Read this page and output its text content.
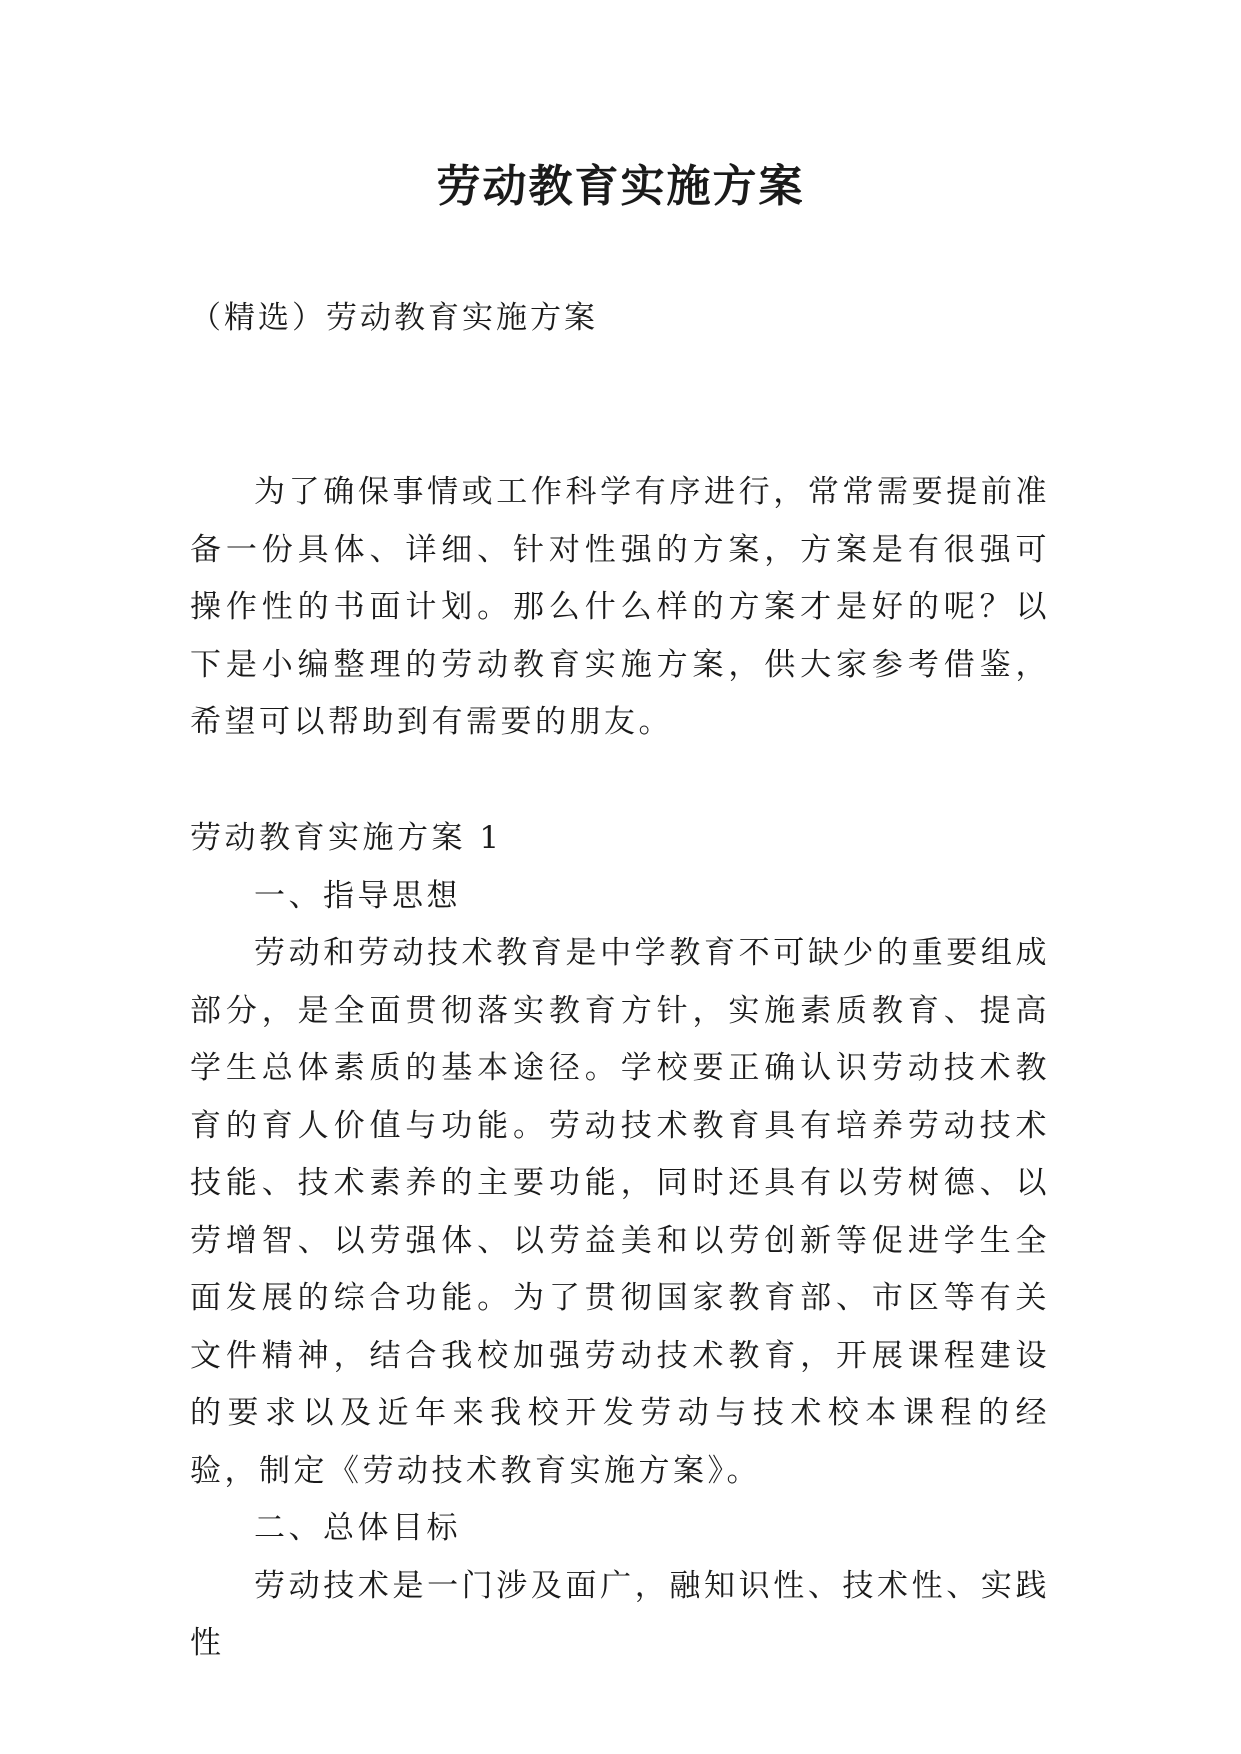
劳动教育实施方案
（精选）劳动教育实施方案

为了确保事情或工作科学有序进行，常常需要提前准备一份具体、详细、针对性强的方案，方案是有很强可操作性的书面计划。那么什么样的方案才是好的呢？以下是小编整理的劳动教育实施方案，供大家参考借鉴，希望可以帮助到有需要的朋友。

劳动教育实施方案 1

一、指导思想

劳动和劳动技术教育是中学教育不可缺少的重要组成部分，是全面贯彻落实教育方针，实施素质教育、提高学生总体素质的基本途径。学校要正确认识劳动技术教育的育人价值与功能。劳动技术教育具有培养劳动技术技能、技术素养的主要功能，同时还具有以劳树德、以劳增智、以劳强体、以劳益美和以劳创新等促进学生全面发展的综合功能。为了贯彻国家教育部、市区等有关文件精神，结合我校加强劳动技术教育，开展课程建设的要求以及近年来我校开发劳动与技术校本课程的经验，制定《劳动技术教育实施方案》。

二、总体目标

劳动技术是一门涉及面广，融知识性、技术性、实践性
